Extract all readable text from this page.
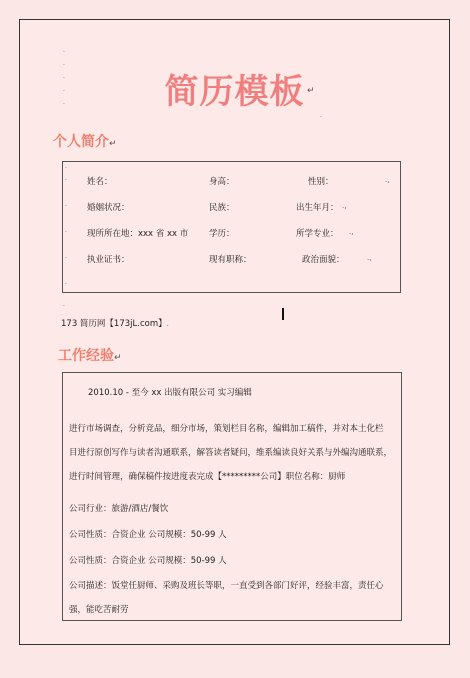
.
.
.
.
.	简历模板 ↵
.
个人简介↵
.
.
.
.
.
.
姓名：	身高：	性别：	.,
婚姻状况：	民族：	出生年月： .,
现所所在地：xxx 省 xx 市 学历：	所学专业： .,
执业证书：	现有职称：	政治面貌：	.,
.
173 简历网【173jL.com】.
工作经验↵
2010.10 - 至今 xx 出版有限公司 实习编辑
进行市场调查，分析竞品，细分市场，策划栏目名称，编辑加工稿件，并对本土化栏
目进行原创写作与读者沟通联系，解答读者疑问，维系编读良好关系与外编沟通联系，
进行时间管理，确保稿件按进度表完成【*********公司】职位名称：厨师
公司行业：旅游/酒店/餐饮
公司性质：合资企业 公司规模：50-99 人
公司性质：合资企业 公司规模：50-99 人
公司描述：饭堂任厨师、采购及班长等职，一直受到各部门好评，经验丰富，责任心
强，能吃苦耐劳
